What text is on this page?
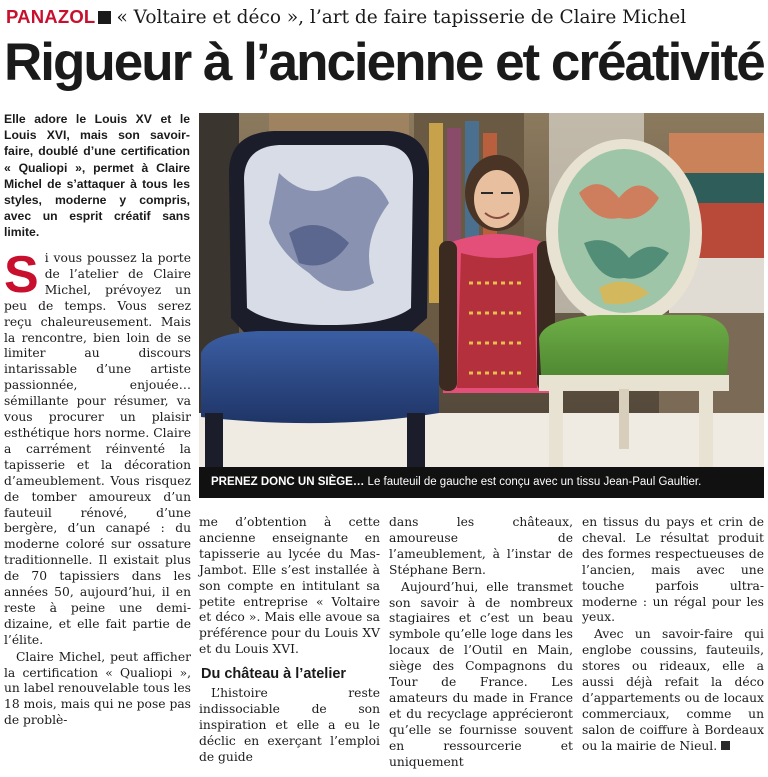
PANAZOL « Voltaire et déco », l’art de faire tapisserie de Claire Michel
Rigueur à l’ancienne et créativité
Elle adore le Louis XV et le Louis XVI, mais son savoir-faire, doublé d’une certification « Qualiopi », permet à Claire Michel de s’attaquer à tous les styles, moderne y compris, avec un esprit créatif sans limite.
PRENEZ DONC UN SIÈGE… Le fauteuil de gauche est conçu avec un tissu Jean-Paul Gaultier.

Si vous poussez la porte de l’atelier de Claire Michel, prévoyez un peu de temps. Vous serez reçu chaleureusement. Mais la rencontre, bien loin de se limiter au discours intarissable d’une artiste passionnée, enjouée… sémillante pour résumer, va vous procurer un plaisir esthétique hors norme. Claire a carrément réinventé la tapisserie et la décoration d’ameublement. Vous risquez de tomber amoureux d’un fauteuil rénové, d’une bergère, d’un canapé : du moderne coloré sur ossature traditionnelle. Il existait plus de 70 tapissiers dans les années 50, aujourd’hui, il en reste à peine une demi-dizaine, et elle fait partie de l’élite.

Claire Michel, peut afficher la certification « Qualiopi », un label renouvelable tous les 18 mois, mais qui ne pose pas de problè-

me d’obtention à cette ancienne enseignante en tapisserie au lycée du Mas-Jambot. Elle s’est installée à son compte en intitulant sa petite entreprise « Voltaire et déco ». Mais elle avoue sa préférence pour du Louis XV et du Louis XVI.

Du château à l’atelier

L’histoire reste indissociable de son inspiration et elle a eu le déclic en exerçant l’emploi de guide

dans les châteaux, amoureuse de l’ameublement, à l’instar de Stéphane Bern.

Aujourd’hui, elle transmet son savoir à de nombreux stagiaires et c’est un beau symbole qu’elle loge dans les locaux de l’Outil en Main, siège des Compagnons du Tour de France. Les amateurs du made in France et du recyclage apprécieront qu’elle se fournisse souvent en ressourcerie et uniquement

en tissus du pays et crin de cheval. Le résultat produit des formes respectueuses de l’ancien, mais avec une touche parfois ultra-moderne : un régal pour les yeux.

Avec un savoir-faire qui englobe coussins, fauteuils, stores ou rideaux, elle a aussi déjà refait la déco d’appartements ou de locaux commerciaux, comme un salon de coiffure à Bordeaux ou la mairie de Nieul.
